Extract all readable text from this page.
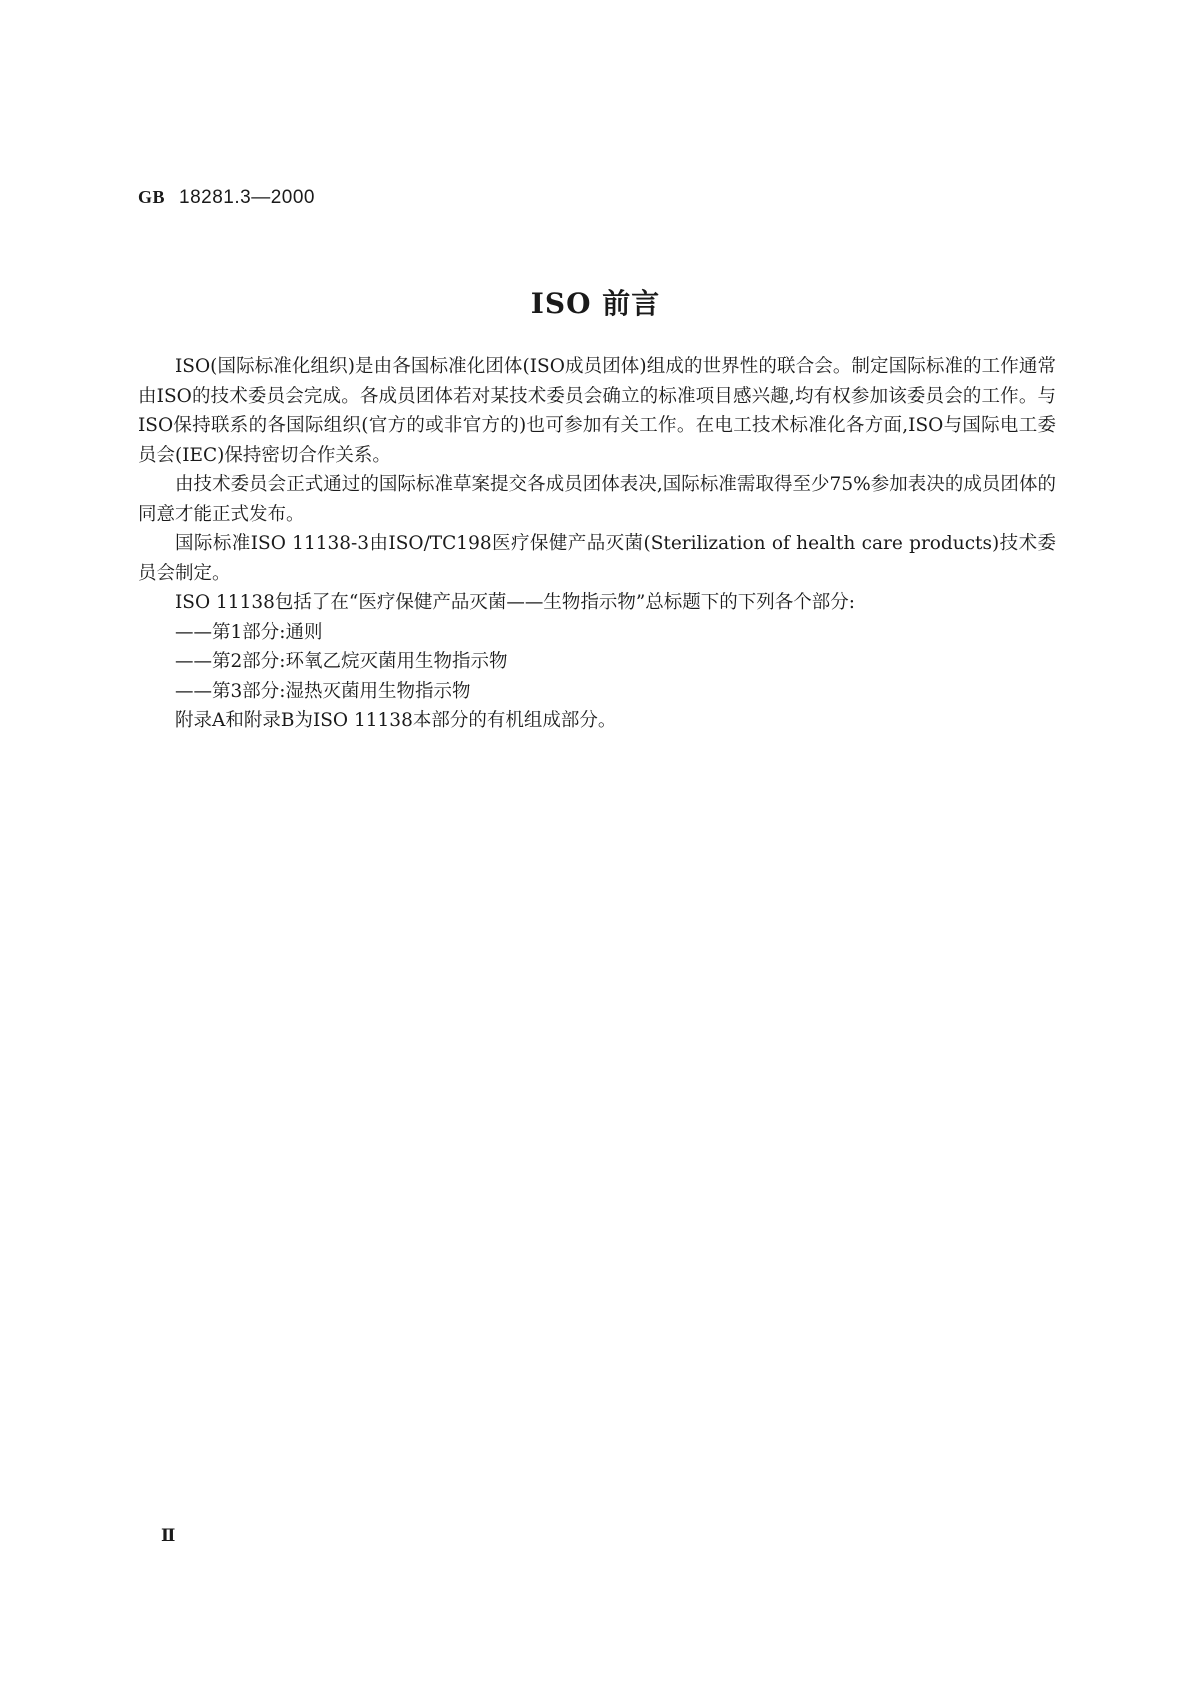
GB 18281.3—2000
ISO 前言

ISO(国际标准化组织)是由各国标准化团体(ISO成员团体)组成的世界性的联合会。制定国际标准的工作通常由ISO的技术委员会完成。各成员团体若对某技术委员会确立的标准项目感兴趣,均有权参加该委员会的工作。与ISO保持联系的各国际组织(官方的或非官方的)也可参加有关工作。在电工技术标准化各方面,ISO与国际电工委员会(IEC)保持密切合作关系。

由技术委员会正式通过的国际标准草案提交各成员团体表决,国际标准需取得至少75%参加表决的成员团体的同意才能正式发布。

国际标准ISO 11138-3由ISO/TC198医疗保健产品灭菌(Sterilization of health care products)技术委员会制定。

ISO 11138包括了在“医疗保健产品灭菌——生物指示物”总标题下的下列各个部分:

——第1部分:通则
——第2部分:环氧乙烷灭菌用生物指示物
——第3部分:湿热灭菌用生物指示物

附录A和附录B为ISO 11138本部分的有机组成部分。

Ⅱ
